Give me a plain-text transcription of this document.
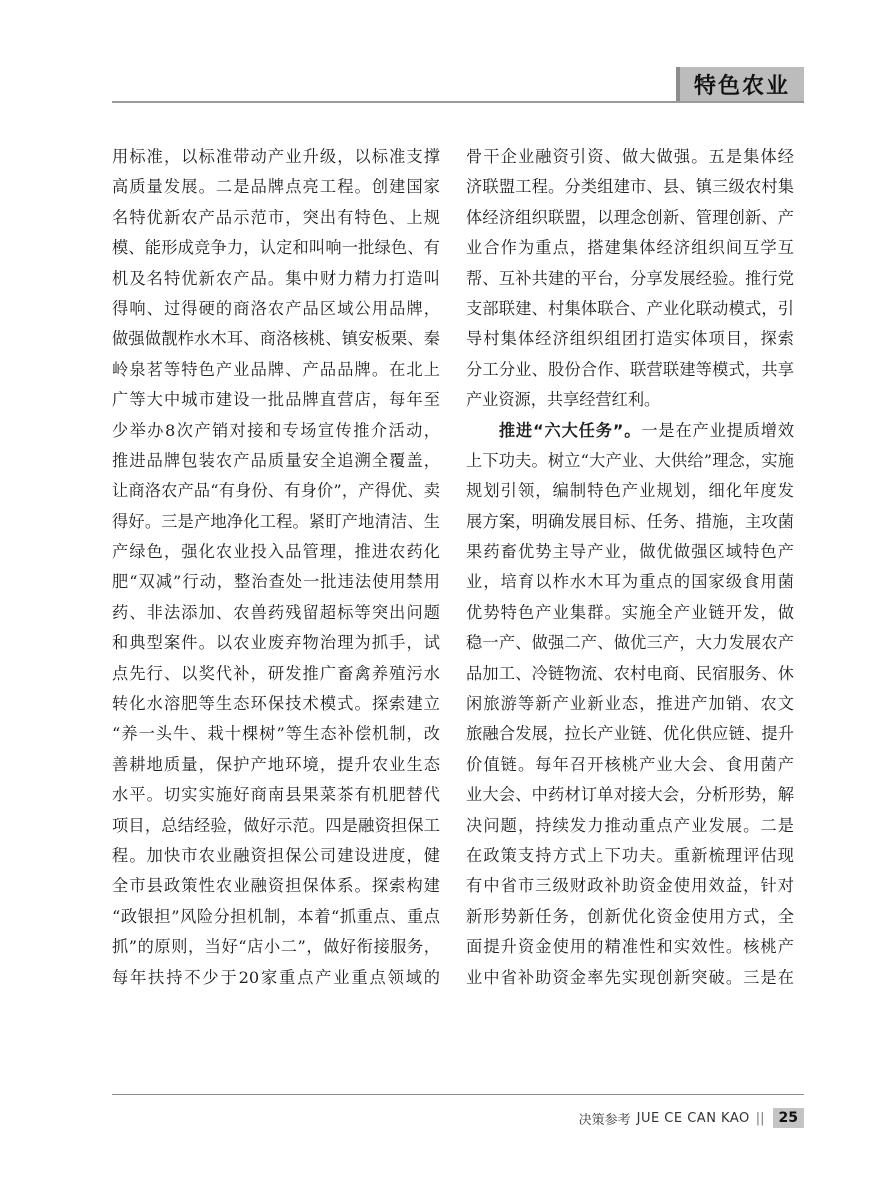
特色农业
用标准，以标准带动产业升级，以标准支撑
高质量发展。二是品牌点亮工程。创建国家
名特优新农产品示范市，突出有特色、上规
模、能形成竞争力，认定和叫响一批绿色、有
机及名特优新农产品。集中财力精力打造叫
得响、过得硬的商洛农产品区域公用品牌，
做强做靓柞水木耳、商洛核桃、镇安板栗、秦
岭泉茗等特色产业品牌、产品品牌。在北上
广等大中城市建设一批品牌直营店，每年至
少举办8次产销对接和专场宣传推介活动，
推进品牌包装农产品质量安全追溯全覆盖，
让商洛农产品“有身份、有身价”，产得优、卖
得好。三是产地净化工程。紧盯产地清洁、生
产绿色，强化农业投入品管理，推进农药化
肥“双减”行动，整治查处一批违法使用禁用
药、非法添加、农兽药残留超标等突出问题
和典型案件。以农业废弃物治理为抓手，试
点先行、以奖代补，研发推广畜禽养殖污水
转化水溶肥等生态环保技术模式。探索建立
“养一头牛、栽十棵树”等生态补偿机制，改
善耕地质量，保护产地环境，提升农业生态
水平。切实实施好商南县果菜茶有机肥替代
项目，总结经验，做好示范。四是融资担保工
程。加快市农业融资担保公司建设进度，健
全市县政策性农业融资担保体系。探索构建
“政银担”风险分担机制，本着“抓重点、重点
抓”的原则，当好“店小二”，做好衔接服务，
每年扶持不少于20家重点产业重点领域的
骨干企业融资引资、做大做强。五是集体经
济联盟工程。分类组建市、县、镇三级农村集
体经济组织联盟，以理念创新、管理创新、产
业合作为重点，搭建集体经济组织间互学互
帮、互补共建的平台，分享发展经验。推行党
支部联建、村集体联合、产业化联动模式，引
导村集体经济组织组团打造实体项目，探索
分工分业、股份合作、联营联建等模式，共享
产业资源，共享经营红利。
推进“六大任务”。一是在产业提质增效
上下功夫。树立“大产业、大供给”理念，实施
规划引领，编制特色产业规划，细化年度发
展方案，明确发展目标、任务、措施，主攻菌
果药畜优势主导产业，做优做强区域特色产
业，培育以柞水木耳为重点的国家级食用菌
优势特色产业集群。实施全产业链开发，做
稳一产、做强二产、做优三产，大力发展农产
品加工、冷链物流、农村电商、民宿服务、休
闲旅游等新产业新业态，推进产加销、农文
旅融合发展，拉长产业链、优化供应链、提升
价值链。每年召开核桃产业大会、食用菌产
业大会、中药材订单对接大会，分析形势，解
决问题，持续发力推动重点产业发展。二是
在政策支持方式上下功夫。重新梳理评估现
有中省市三级财政补助资金使用效益，针对
新形势新任务，创新优化资金使用方式，全
面提升资金使用的精准性和实效性。核桃产
业中省补助资金率先实现创新突破。三是在
决策参考 JUE CE CAN KAO ||	25
